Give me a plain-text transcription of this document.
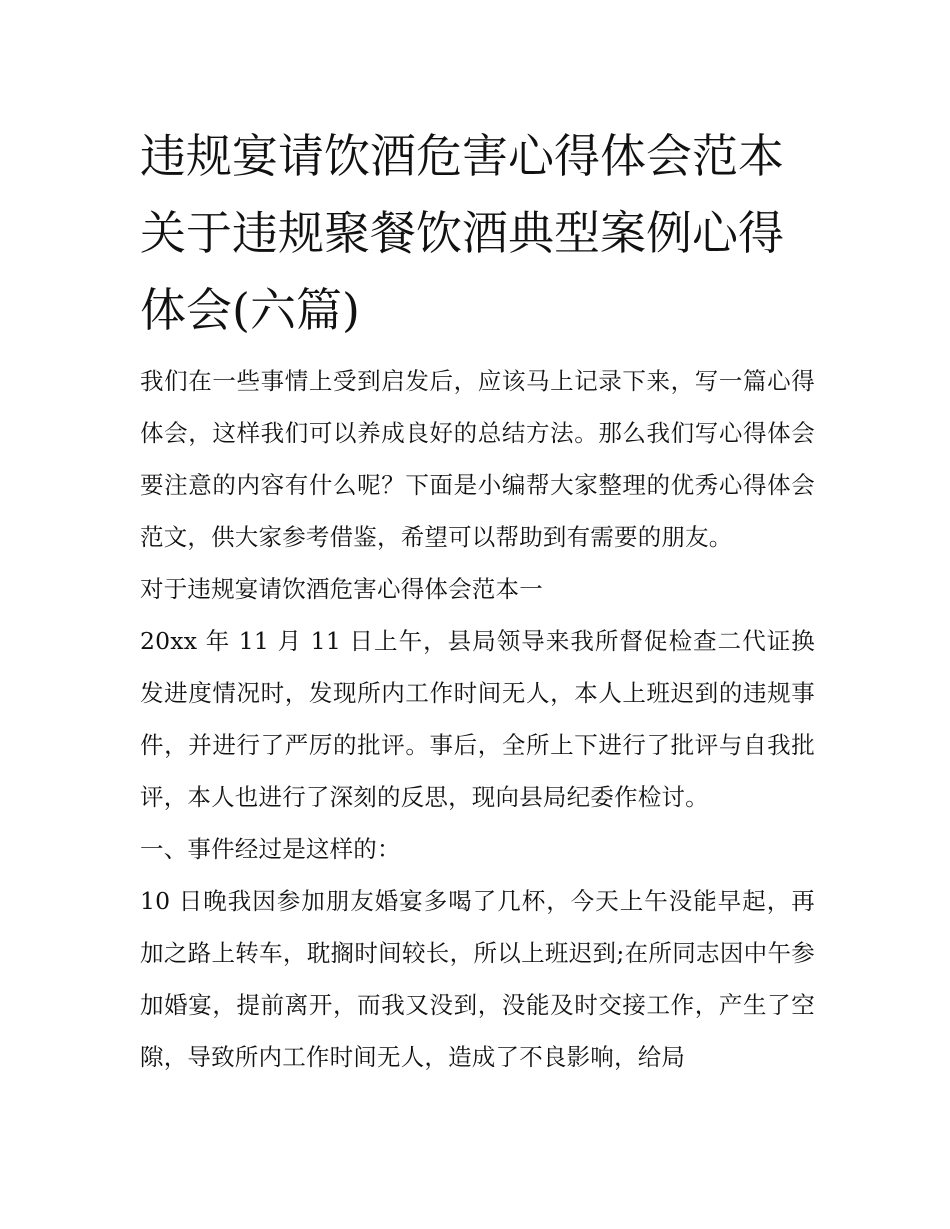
违规宴请饮酒危害心得体会范本 关于违规聚餐饮酒典型案例心得体会(六篇)

我们在一些事情上受到启发后，应该马上记录下来，写一篇心得体会，这样我们可以养成良好的总结方法。那么我们写心得体会要注意的内容有什么呢？下面是小编帮大家整理的优秀心得体会范文，供大家参考借鉴，希望可以帮助到有需要的朋友。

对于违规宴请饮酒危害心得体会范本一

20xx 年 11 月 11 日上午，县局领导来我所督促检查二代证换发进度情况时，发现所内工作时间无人，本人上班迟到的违规事件，并进行了严厉的批评。事后，全所上下进行了批评与自我批评，本人也进行了深刻的反思，现向县局纪委作检讨。

一、事件经过是这样的：

10 日晚我因参加朋友婚宴多喝了几杯，今天上午没能早起，再加之路上转车，耽搁时间较长，所以上班迟到;在所同志因中午参加婚宴，提前离开，而我又没到，没能及时交接工作，产生了空隙，导致所内工作时间无人，造成了不良影响，给局
